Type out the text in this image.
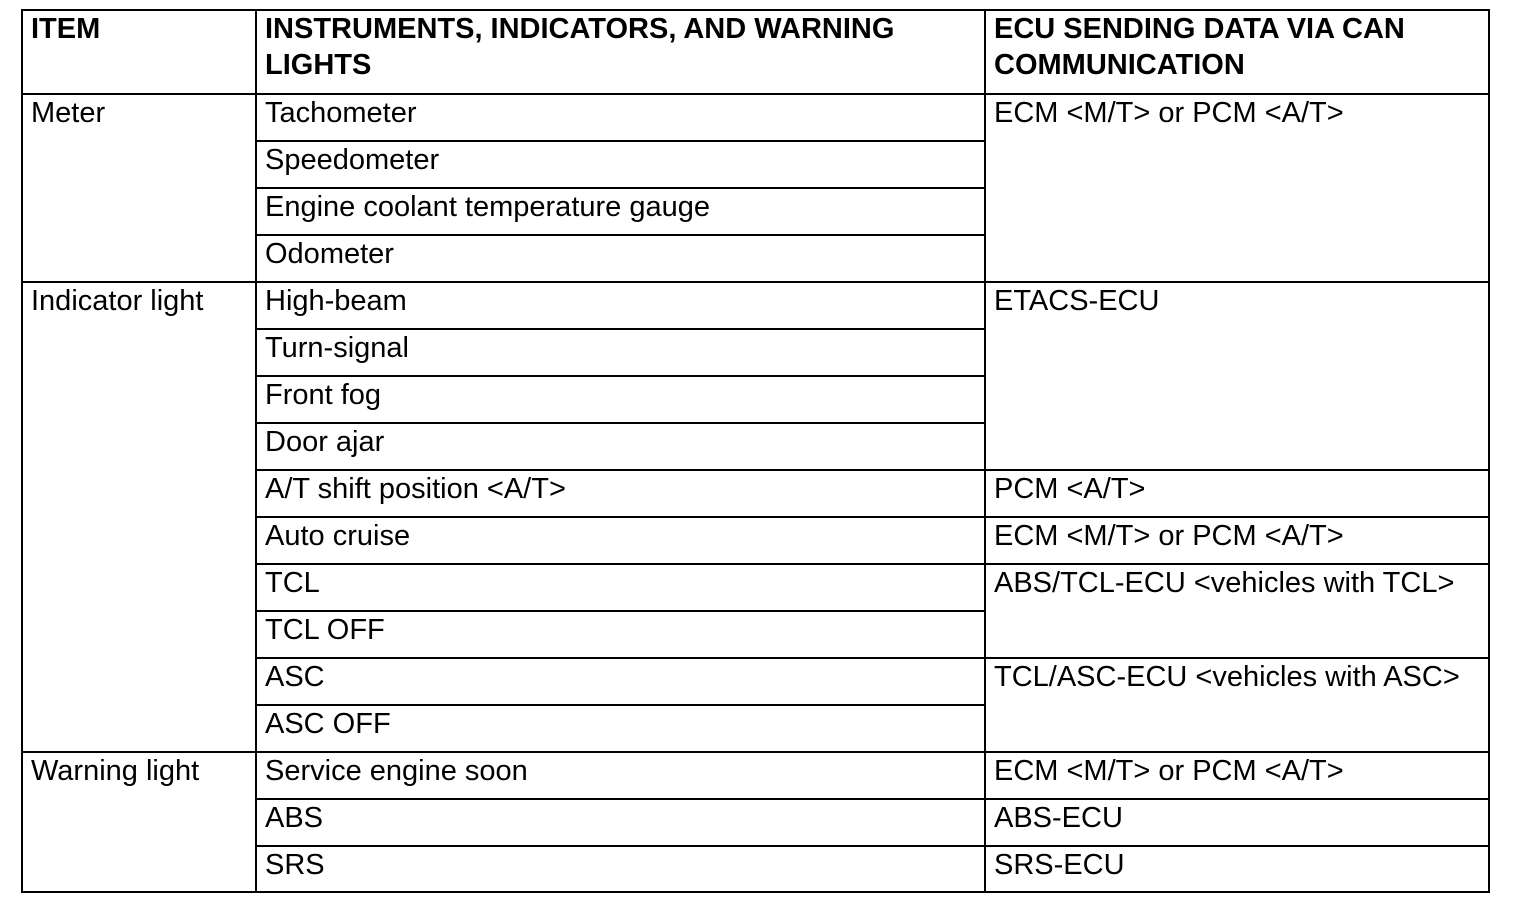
ITEM	INSTRUMENTS, INDICATORS, AND WARNING LIGHTS	ECU SENDING DATA VIA CAN COMMUNICATION
Meter	Tachometer	ECM <M/T> or PCM <A/T>
	Speedometer	
	Engine coolant temperature gauge	
	Odometer	
Indicator light	High-beam	ETACS-ECU
	Turn-signal	
	Front fog	
	Door ajar	
	A/T shift position <A/T>	PCM <A/T>
	Auto cruise	ECM <M/T> or PCM <A/T>
	TCL	ABS/TCL-ECU <vehicles with TCL>
	TCL OFF	
	ASC	TCL/ASC-ECU <vehicles with ASC>
	ASC OFF	
Warning light	Service engine soon	ECM <M/T> or PCM <A/T>
	ABS	ABS-ECU
	SRS	SRS-ECU
